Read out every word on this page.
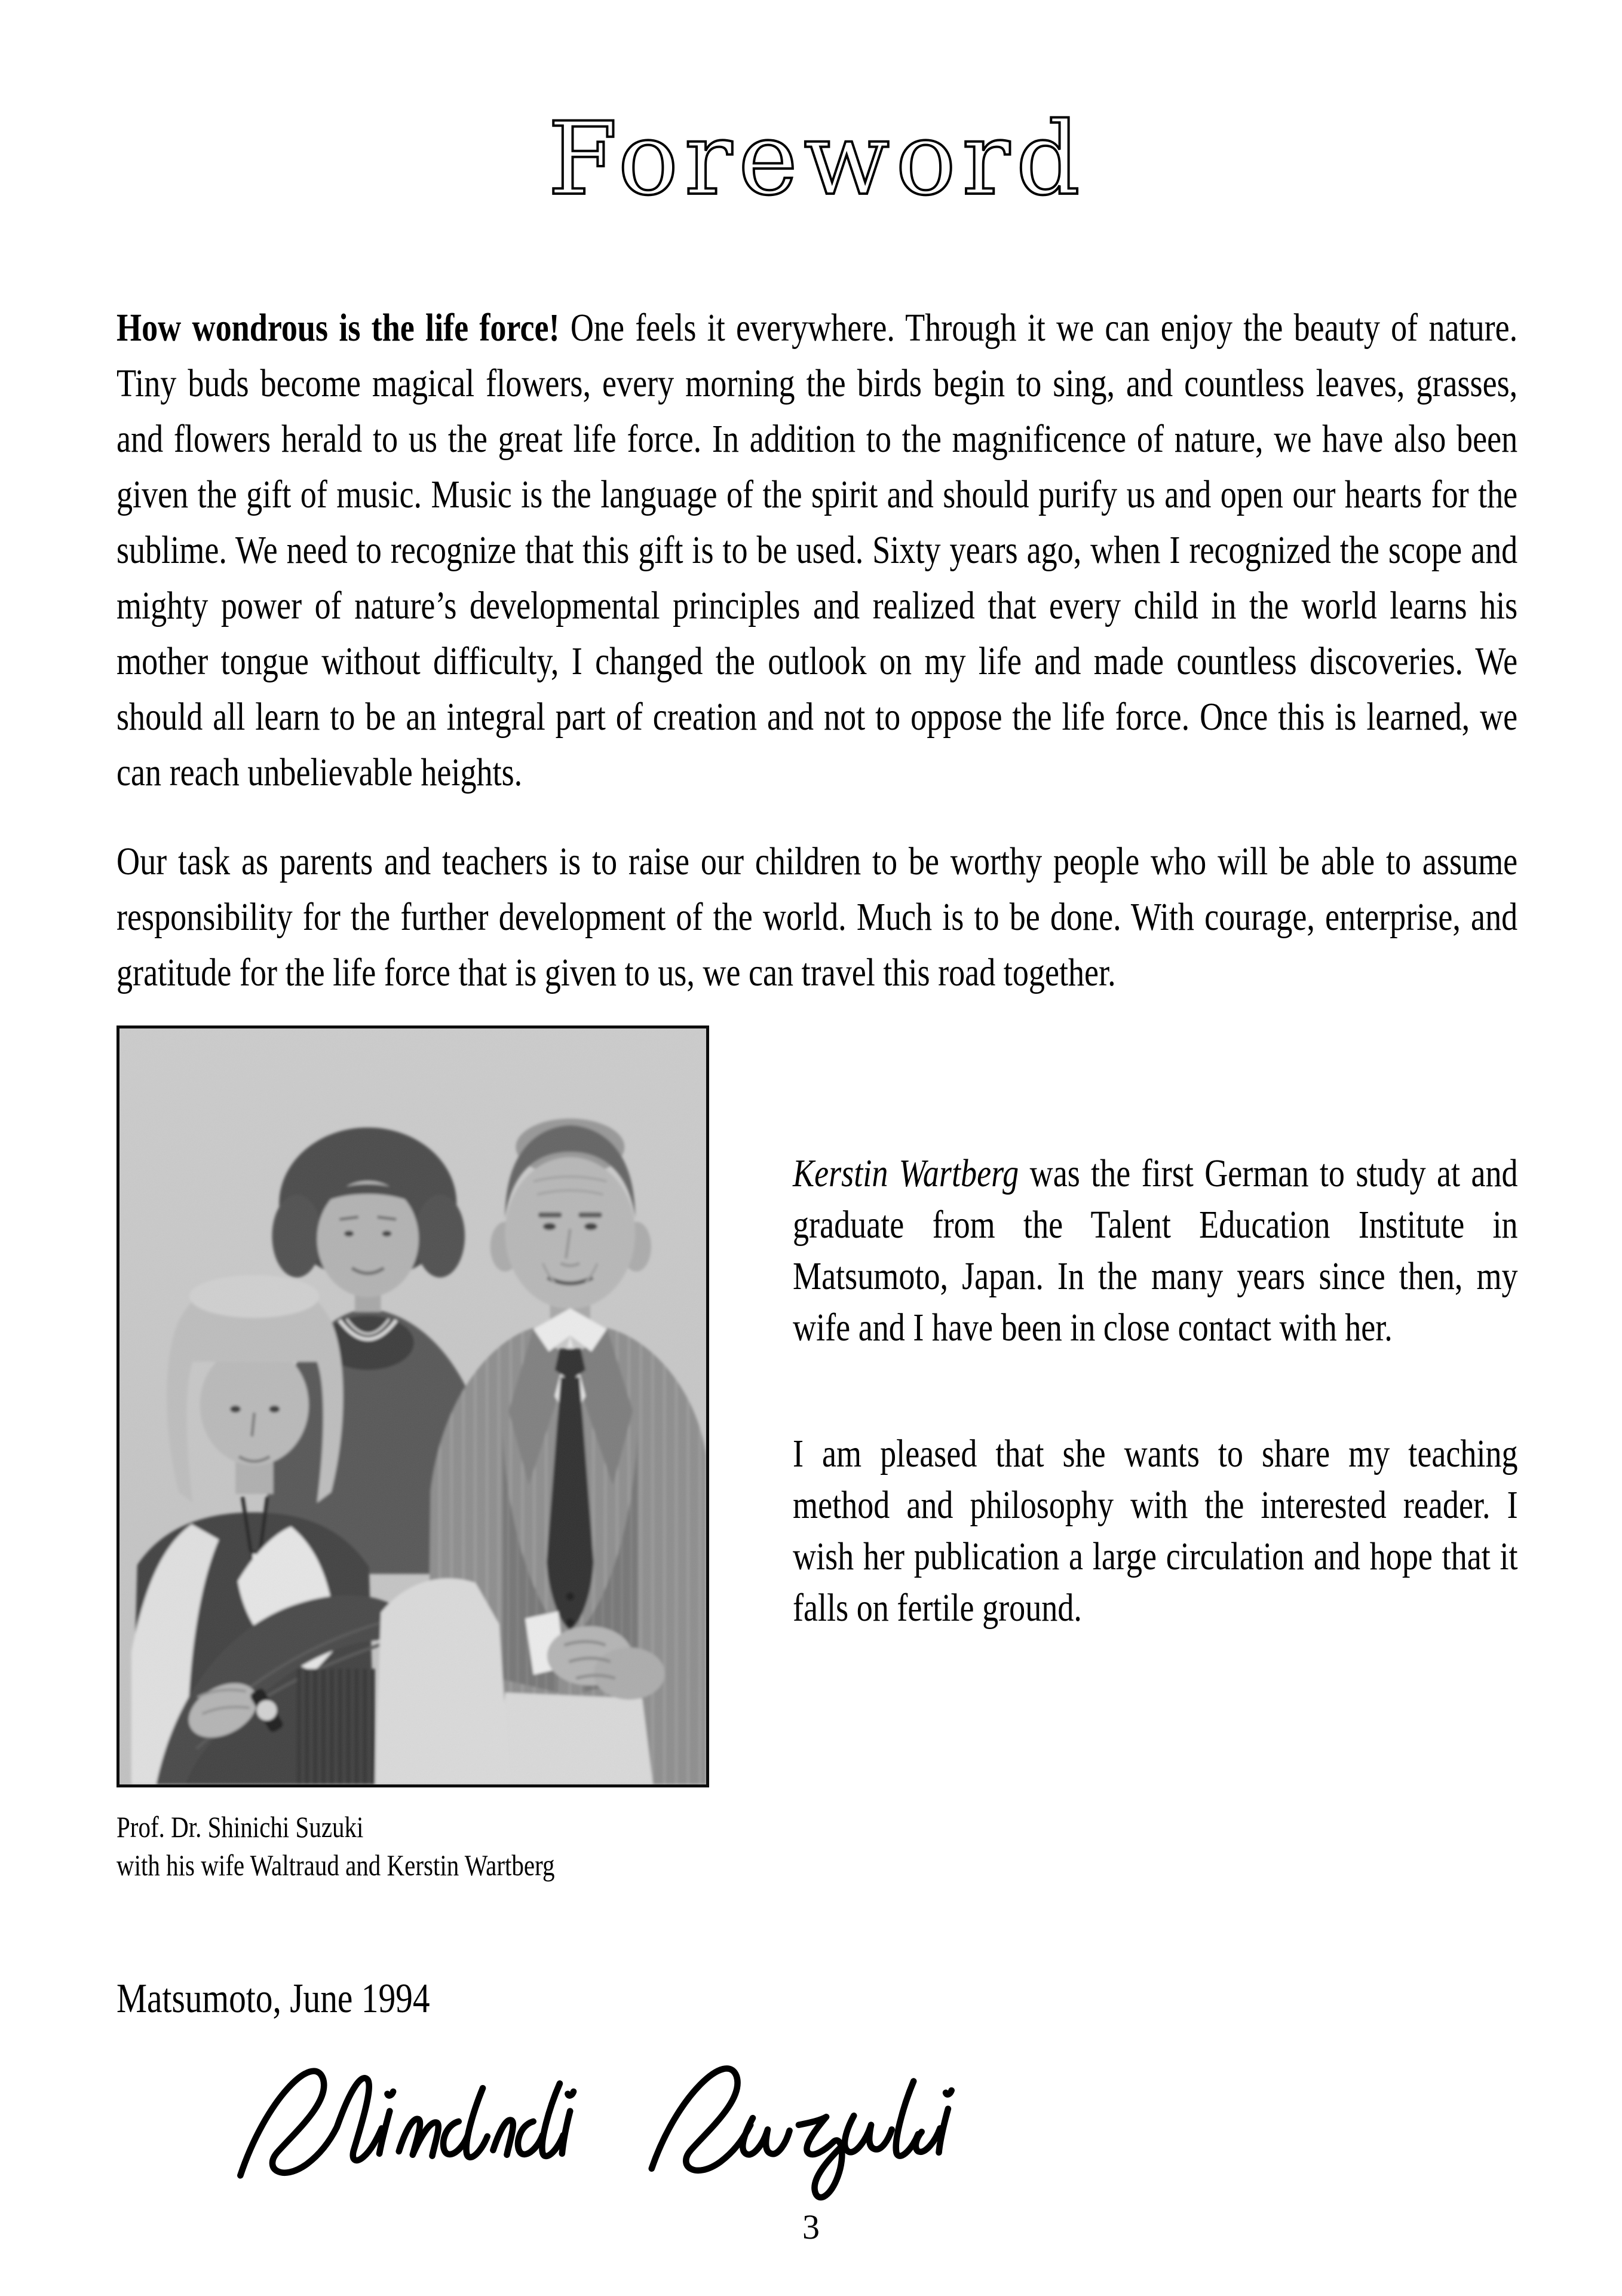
Foreword

How wondrous is the life force! One feels it everywhere. Through it we can enjoy the beauty of nature. Tiny buds become magical flowers, every morning the birds begin to sing, and countless leaves, grasses, and flowers herald to us the great life force. In addition to the magnificence of nature, we have also been given the gift of music. Music is the language of the spirit and should purify us and open our hearts for the sublime. We need to recognize that this gift is to be used. Sixty years ago, when I recognized the scope and mighty power of nature’s developmental principles and realized that every child in the world learns his mother tongue without difficulty, I changed the outlook on my life and made countless discoveries. We should all learn to be an integral part of creation and not to oppose the life force. Once this is learned, we can reach unbelievable heights.

Our task as parents and teachers is to raise our children to be worthy people who will be able to assume responsibility for the further development of the world. Much is to be done. With courage, enterprise, and gratitude for the life force that is given to us, we can travel this road together.

Kerstin Wartberg was the first German to study at and graduate from the Talent Education Institute in Matsumoto, Japan. In the many years since then, my wife and I have been in close contact with her.

I am pleased that she wants to share my teaching method and philosophy with the interested reader. I wish her publication a large circulation and hope that it falls on fertile ground.

Prof. Dr. Shinichi Suzuki
with his wife Waltraud and Kerstin Wartberg
Matsumoto, June 1994
3
